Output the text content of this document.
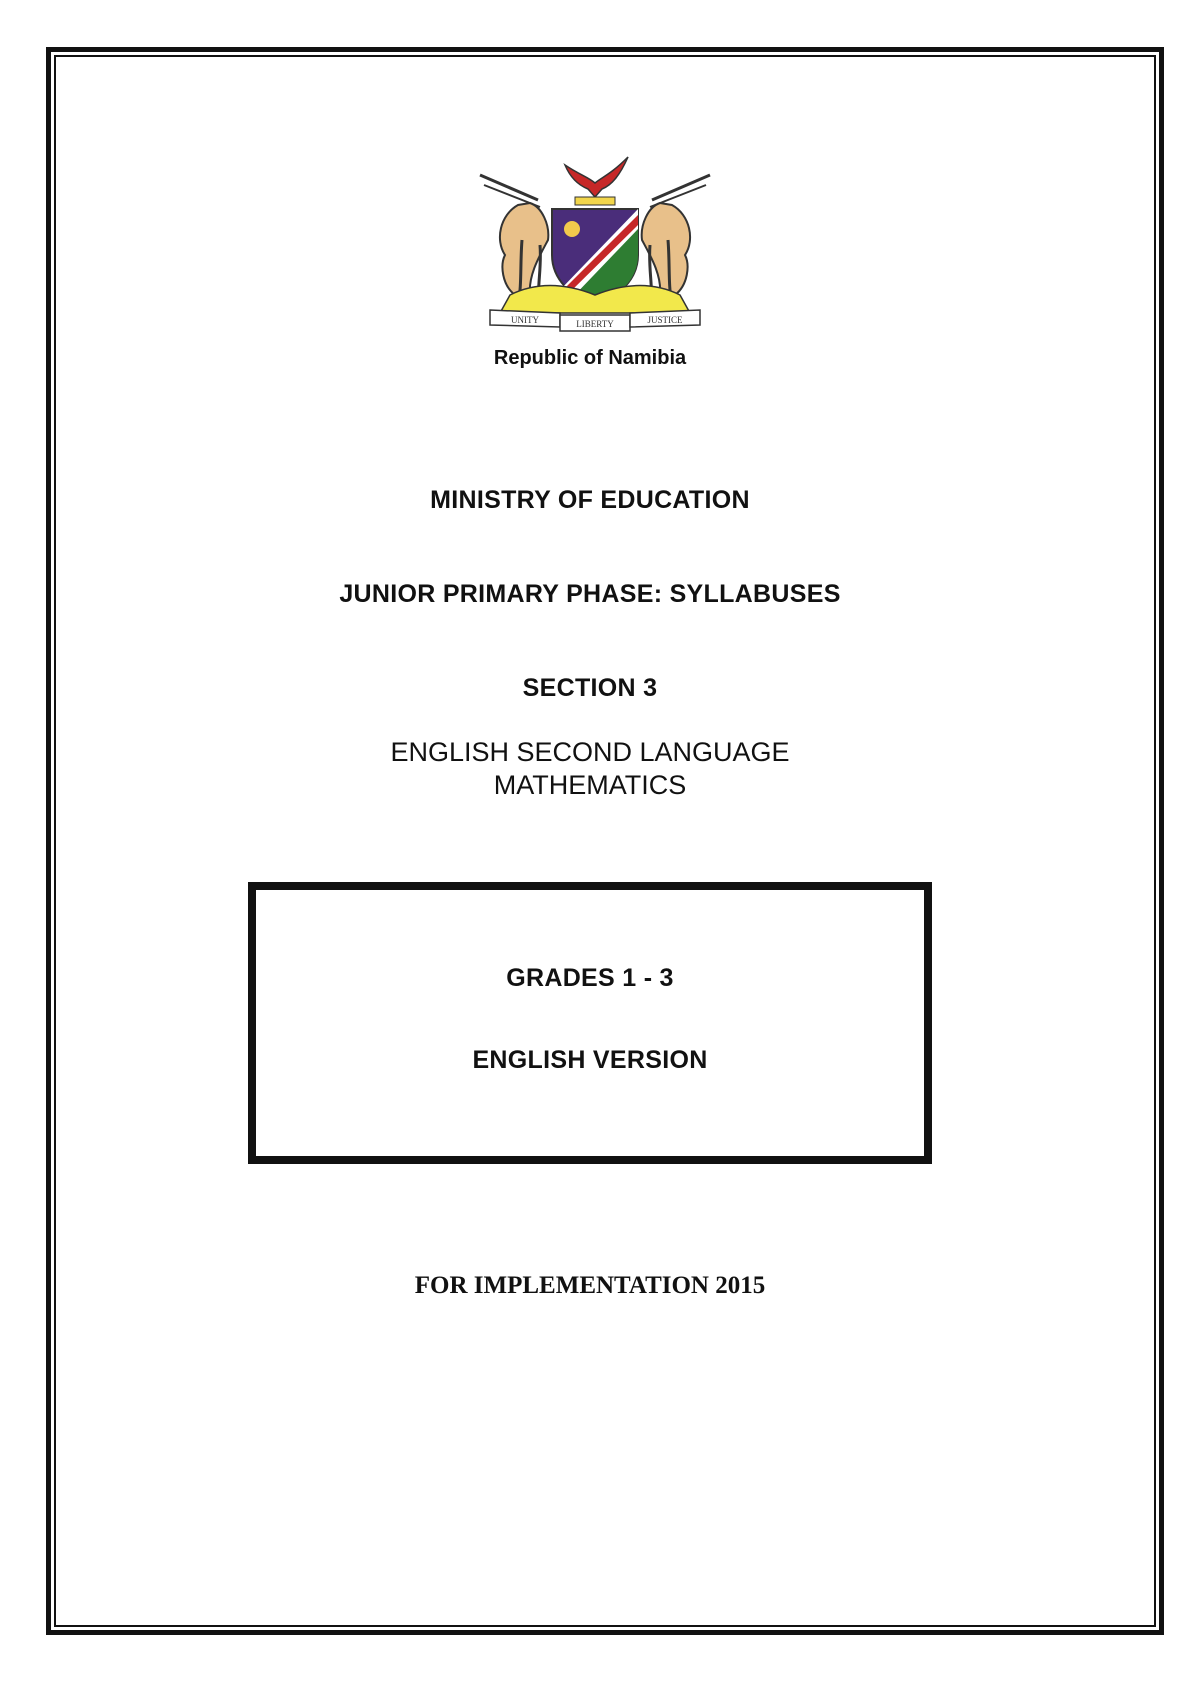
UNITY	LIBERTY	JUSTICE
Republic of Namibia
MINISTRY OF EDUCATION
JUNIOR PRIMARY PHASE: SYLLABUSES
SECTION 3
ENGLISH SECOND LANGUAGE
MATHEMATICS
GRADES 1 - 3
ENGLISH VERSION
FOR IMPLEMENTATION 2015
